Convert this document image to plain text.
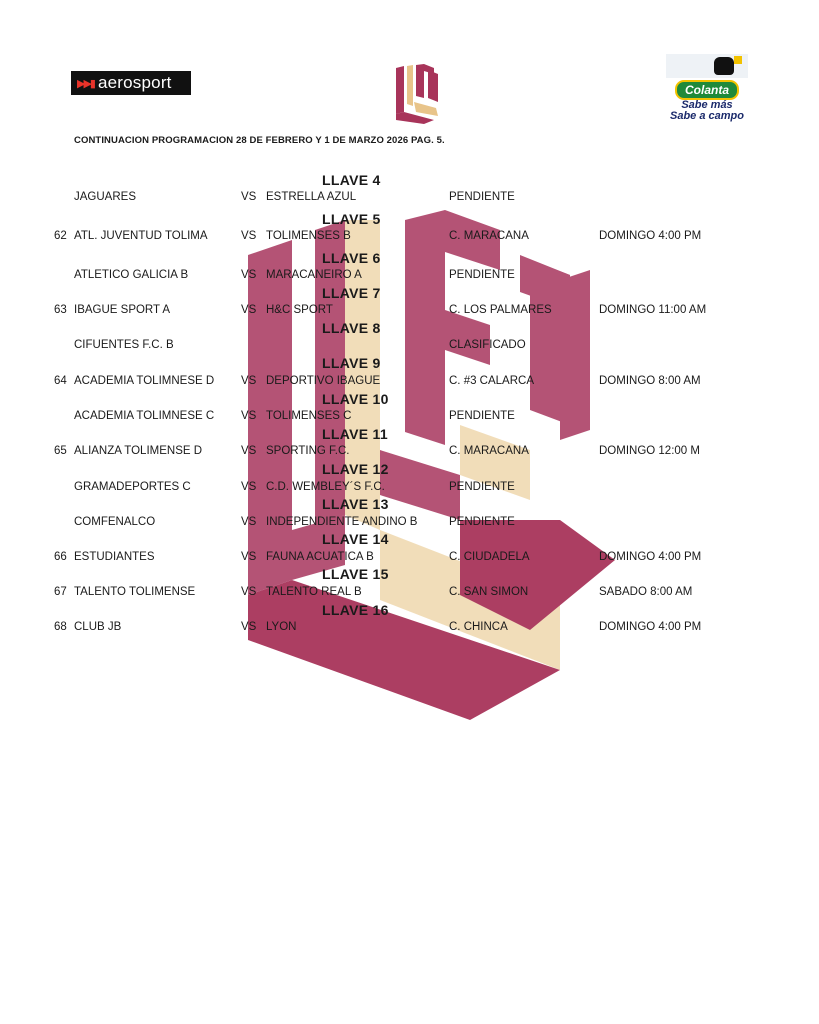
▶▶▮ aerosport	Colanta
Sabe más
Sabe a campo
CONTINUACION PROGRAMACION 28 DE FEBRERO Y 1 DE MARZO 2026 PAG. 5.
LLAVE 4
JAGUARES	VS ESTRELLA AZUL	PENDIENTE
LLAVE 5
62 ATL. JUVENTUD TOLIMA	VS TOLIMENSES B	C. MARACANA	DOMINGO 4:00 PM
LLAVE 6
ATLETICO GALICIA B	VS MARACANEIRO A	PENDIENTE
LLAVE 7
63 IBAGUE SPORT A	VS H&C SPORT	C. LOS PALMARES	DOMINGO 11:00 AM
LLAVE 8
CIFUENTES F.C. B	CLASIFICADO
LLAVE 9
64 ACADEMIA TOLIMNESE D VS DEPORTIVO IBAGUE	C. #3 CALARCA	DOMINGO 8:00 AM
LLAVE 10
ACADEMIA TOLIMNESE C VS TOLIMENSES C	PENDIENTE
LLAVE 11
65 ALIANZA TOLIMENSE D	VS SPORTING F.C.	C. MARACANA	DOMINGO 12:00 M
LLAVE 12
GRAMADEPORTES C	VS C.D. WEMBLEY´S F.C.	PENDIENTE
LLAVE 13
COMFENALCO	VS INDEPENDIENTE ANDINO B	PENDIENTE
LLAVE 14
66 ESTUDIANTES	VS FAUNA ACUATICA B	C. CIUDADELA	DOMINGO 4:00 PM
LLAVE 15
67 TALENTO TOLIMENSE	VS TALENTO REAL B	C. SAN SIMON	SABADO 8:00 AM
LLAVE 16
68 CLUB JB	VS LYON	C. CHINCA	DOMINGO 4:00 PM
